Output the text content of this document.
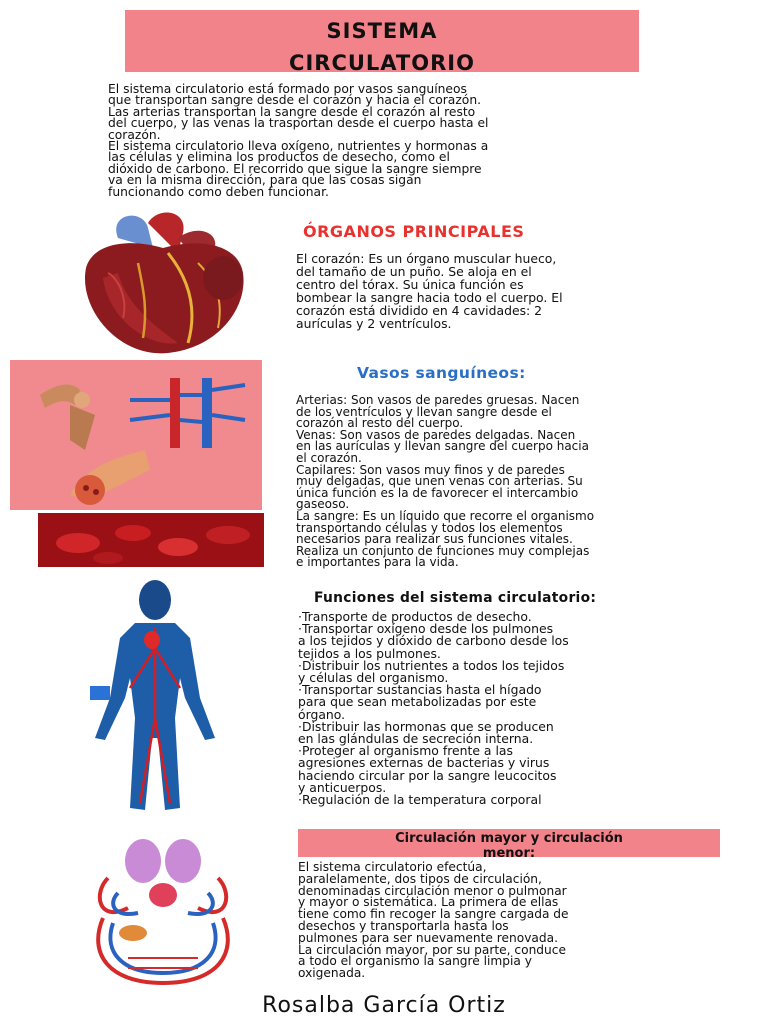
SISTEMA
CIRCULATORIO
El sistema circulatorio está formado por vasos sanguíneos
que transportan sangre desde el corazón y hacia el corazón.
Las arterias transportan la sangre desde el corazón al resto
del cuerpo, y las venas la trasportan desde el cuerpo hasta el
corazón.
El sistema circulatorio lleva oxígeno, nutrientes y hormonas a
las células y elimina los productos de desecho, como el
dióxido de carbono. El recorrido que sigue la sangre siempre
va en la misma dirección, para que las cosas sigan
funcionando como deben funcionar.
ÓRGANOS PRINCIPALES
El corazón: Es un órgano muscular hueco,
del tamaño de un puño. Se aloja en el
centro del tórax. Su única función es
bombear la sangre hacia todo el cuerpo. El
corazón está dividido en 4 cavidades: 2
aurículas y 2 ventrículos.
Vasos sanguíneos:
Arterias: Son vasos de paredes gruesas. Nacen
de los ventrículos y llevan sangre desde el
corazón al resto del cuerpo.
Venas: Son vasos de paredes delgadas. Nacen
en las aurículas y llevan sangre del cuerpo hacia
el corazón.
Capilares: Son vasos muy finos y de paredes
muy delgadas, que unen venas con arterias. Su
única función es la de favorecer el intercambio
gaseoso.
La sangre: Es un líquido que recorre el organismo
transportando células y todos los elementos
necesarios para realizar sus funciones vitales.
Realiza un conjunto de funciones muy complejas
e importantes para la vida.
Funciones del sistema circulatorio:
·Transporte de productos de desecho.
·Transportar oxígeno desde los pulmones
a los tejidos y dióxido de carbono desde los
tejidos a los pulmones.
·Distribuir los nutrientes a todos los tejidos
y células del organismo.
·Transportar sustancias hasta el hígado
para que sean metabolizadas por este
órgano.
·Distribuir las hormonas que se producen
en las glándulas de secreción interna.
·Proteger al organismo frente a las
agresiones externas de bacterias y virus
haciendo circular por la sangre leucocitos
y anticuerpos.
·Regulación de la temperatura corporal
Circulación mayor y circulación
menor:
El sistema circulatorio efectúa,
paralelamente, dos tipos de circulación,
denominadas circulación menor o pulmonar
y mayor o sistemática. La primera de ellas
tiene como fin recoger la sangre cargada de
desechos y transportarla hasta los
pulmones para ser nuevamente renovada.
La circulación mayor, por su parte, conduce
a todo el organismo la sangre limpia y
oxigenada.
Rosalba García Ortiz
